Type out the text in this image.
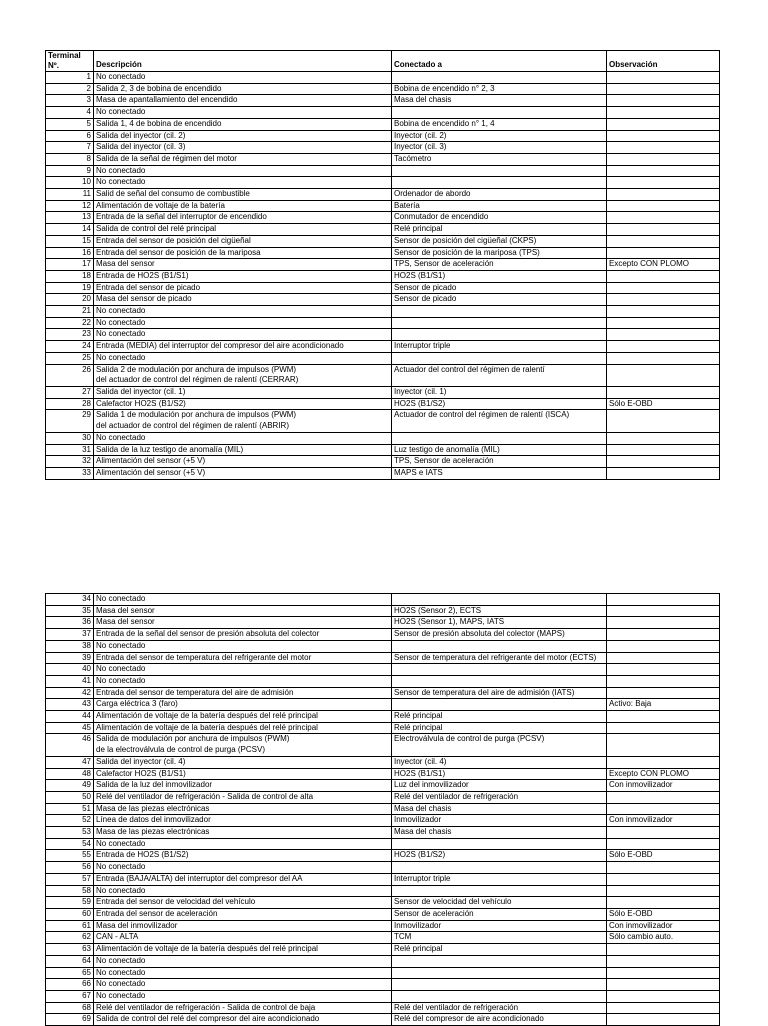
Terminal
Nº.	Descripción	Conectado a	Observación
1	No conectado		
2	Salida 2, 3 de bobina de encendido	Bobina de encendido n° 2, 3	
3	Masa de apantallamiento del encendido	Masa del chasis	
4	No conectado		
5	Salida 1, 4 de bobina de encendido	Bobina de encendido n° 1, 4	
6	Salida del inyector (cil. 2)	Inyector (cil. 2)	
7	Salida del inyector (cil. 3)	Inyector (cil. 3)	
8	Salida de la señal de régimen del motor	Tacómetro	
9	No conectado		
10	No conectado		
11	Salid de señal del consumo de combustible	Ordenador de abordo	
12	Alimentación de voltaje de la batería	Batería	
13	Entrada de la señal del interruptor de encendido	Conmutador de encendido	
14	Salida de control del relé principal	Relé principal	
15	Entrada del sensor de posición del cigüeñal	Sensor de posición del cigüeñal (CKPS)	
16	Entrada del sensor de posición de la mariposa	Sensor de posición de la mariposa (TPS)	
17	Masa del sensor	TPS, Sensor de aceleración	Excepto CON PLOMO
18	Entrada de HO2S (B1/S1)	HO2S (B1/S1)	
19	Entrada del sensor de picado	Sensor de picado	
20	Masa del sensor de picado	Sensor de picado	
21	No conectado		
22	No conectado		
23	No conectado		
24	Entrada (MEDIA) del interruptor del compresor del aire acondicionado	Interruptor triple	
25	No conectado		
26	Salida 2 de modulación por anchura de impulsos (PWM)	Actuador del control del régimen de ralentí	
	del actuador de control del régimen de ralentí (CERRAR)		
27	Salida del inyector (cil. 1)	Inyector (cil. 1)	
28	Calefactor HO2S (B1/S2)	HO2S (B1/S2)	Sólo E-OBD
29	Salida 1 de modulación por anchura de impulsos (PWM)	Actuador de control del régimen de ralentí (ISCA)	
	del actuador de control del régimen de ralentí (ABRIR)		
30	No conectado		
31	Salida de la luz testigo de anomalía (MIL)	Luz testigo de anomalía (MIL)	
32	Alimentación del sensor (+5 V)	TPS, Sensor de aceleración	
33	Alimentación del sensor (+5 V)	MAPS e IATS	
34	No conectado		
35	Masa del sensor	HO2S (Sensor 2), ECTS	
36	Masa del sensor	HO2S (Sensor 1), MAPS, IATS	
37	Entrada de la señal del sensor de presión absoluta del colector	Sensor de presión absoluta del colector (MAPS)	
38	No conectado		
39	Entrada del sensor de temperatura del refrigerante del motor	Sensor de temperatura del refrigerante del motor (ECTS)	
40	No conectado		
41	No conectado		
42	Entrada del sensor de temperatura del aire de admisión	Sensor de temperatura del aire de admisión (IATS)	
43	Carga eléctrica 3 (faro)		Activo: Baja
44	Alimentación de voltaje de la batería después del relé principal	Relé principal	
45	Alimentación de voltaje de la batería después del relé principal	Relé principal	
46	Salida de modulación por anchura de impulsos (PWM)	Electroválvula de control de purga (PCSV)	
	de la electroválvula de control de purga (PCSV)		
47	Salida del inyector (cil. 4)	Inyector (cil. 4)	
48	Calefactor HO2S (B1/S1)	HO2S (B1/S1)	Excepto CON PLOMO
49	Salida de la luz del inmovilizador	Luz del inmovilizador	Con inmovilizador
50	Relé del ventilador de refrigeración - Salida de control de alta	Relé del ventilador de refrigeración	
51	Masa de las piezas electrónicas	Masa del chasis	
52	Línea de datos del inmovilizador	Inmovilizador	Con inmovilizador
53	Masa de las piezas electrónicas	Masa del chasis	
54	No conectado		
55	Entrada de HO2S (B1/S2)	HO2S (B1/S2)	Sólo E-OBD
56	No conectado		
57	Entrada (BAJA/ALTA) del interruptor del compresor del AA	Interruptor triple	
58	No conectado		
59	Entrada del sensor de velocidad del vehículo	Sensor de velocidad del vehículo	
60	Entrada del sensor de aceleración	Sensor de aceleración	Sólo E-OBD
61	Masa del inmovilizador	Inmovilizador	Con inmovilizador
62	CAN - ALTA	TCM	Sólo cambio auto.
63	Alimentación de voltaje de la batería después del relé principal	Relé principal	
64	No conectado		
65	No conectado		
66	No conectado		
67	No conectado		
68	Relé del ventilador de refrigeración - Salida de control de baja	Relé del ventilador de refrigeración	
69	Salida de control del relé del compresor del aire acondicionado	Relé del compresor de aire acondicionado	
